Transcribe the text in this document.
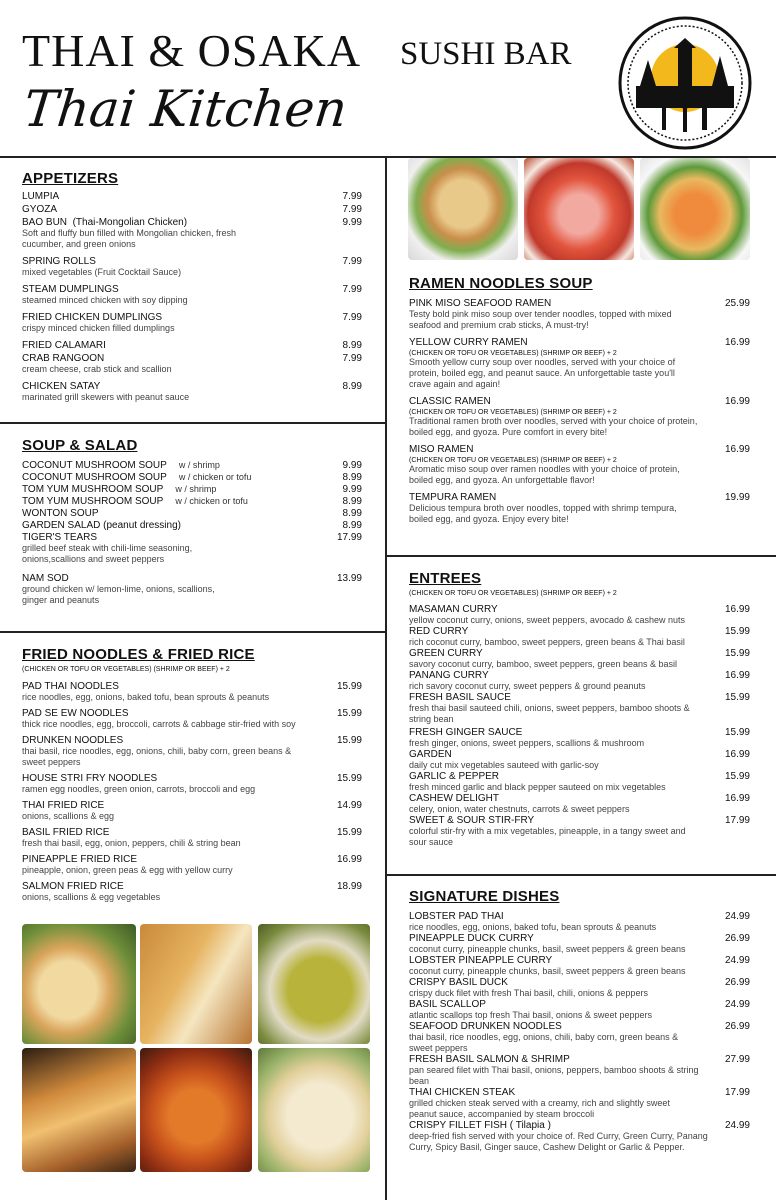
THAI & OSAKA SUSHI BAR
Thai Kitchen
APPETIZERS
LUMPIA	7.99
GYOZA	7.99
BAO BUN  (Thai-Mongolian Chicken)	9.99
Soft and fluffy bun filled with Mongolian chicken, fresh cucumber, and green onions
SPRING ROLLS	7.99
mixed vegetables (Fruit Cocktail Sauce)
STEAM DUMPLINGS	7.99
steamed minced chicken with soy dipping
FRIED CHICKEN DUMPLINGS	7.99
crispy minced chicken filled dumplings
FRIED CALAMARI	8.99
CRAB RANGOON	7.99
cream cheese, crab stick and scallion
CHICKEN SATAY	8.99
marinated grill skewers with peanut sauce
SOUP & SALAD
COCONUT MUSHROOM SOUP w / shrimp	9.99
COCONUT MUSHROOM SOUP w / chicken or tofu	8.99
TOM YUM MUSHROOM SOUP w / shrimp	9.99
TOM YUM MUSHROOM SOUP w / chicken or tofu	8.99
WONTON SOUP	8.99
GARDEN SALAD (peanut dressing)	8.99
TIGER'S TEARS	17.99
grilled beef steak with chili-lime seasoning, onions,scallions and sweet peppers
NAM SOD	13.99
ground chicken w/ lemon-lime, onions, scallions, ginger and peanuts
FRIED NOODLES & FRIED RICE
(CHICKEN OR TOFU OR VEGETABLES) (SHRIMP OR BEEF) + 2
PAD THAI NOODLES	15.99
rice noodles, egg, onions, baked tofu, bean sprouts & peanuts
PAD SE EW NOODLES	15.99
thick rice noodles, egg, broccoli, carrots & cabbage stir-fried with soy
DRUNKEN NOODLES	15.99
thai basil, rice noodles, egg, onions, chili, baby corn, green beans & sweet peppers
HOUSE STRI FRY NOODLES	15.99
ramen egg noodles, green onion, carrots, broccoli and egg
THAI FRIED RICE	14.99
onions, scallions & egg
BASIL FRIED RICE	15.99
fresh thai basil, egg, onion, peppers, chili & string bean
PINEAPPLE FRIED RICE	16.99
pineapple, onion, green peas & egg with yellow curry
SALMON FRIED RICE	18.99
onions, scallions & egg vegetables
RAMEN NOODLES SOUP
PINK MISO SEAFOOD RAMEN	25.99
Testy bold pink miso soup over tender noodles, topped with mixed seafood and premium crab sticks, A must-try!
YELLOW CURRY RAMEN	16.99
(CHICKEN OR TOFU OR VEGETABLES) (SHRIMP OR BEEF) + 2
Smooth yellow curry soup over noodles, served with your choice of protein, boiled egg, and peanut sauce. An unforgettable taste you'll crave again and again!
CLASSIC RAMEN	16.99
(CHICKEN OR TOFU OR VEGETABLES) (SHRIMP OR BEEF) + 2
Traditional ramen broth over noodles, served with your choice of protein, boiled egg, and gyoza. Pure comfort in every bite!
MISO RAMEN	16.99
(CHICKEN OR TOFU OR VEGETABLES) (SHRIMP OR BEEF) + 2
Aromatic miso soup over ramen noodles with your choice of protein, boiled egg, and gyoza. An unforgettable flavor!
TEMPURA RAMEN	19.99
Delicious tempura broth over noodles, topped with shrimp tempura, boiled egg, and gyoza. Enjoy every bite!
ENTREES
(CHICKEN OR TOFU OR VEGETABLES) (SHRIMP OR BEEF) + 2
MASAMAN CURRY	16.99
yellow coconut curry, onions, sweet peppers, avocado & cashew nuts
RED CURRY	15.99
rich coconut curry, bamboo, sweet peppers, green beans & Thai basil
GREEN CURRY	15.99
savory coconut curry, bamboo, sweet peppers, green beans & basil
PANANG CURRY	16.99
rich savory coconut curry, sweet peppers & ground peanuts
FRESH BASIL SAUCE	15.99
fresh thai basil sauteed chili, onions, sweet peppers, bamboo shoots & string bean
FRESH GINGER SAUCE	15.99
fresh ginger, onions, sweet peppers, scallions & mushroom
GARDEN	16.99
daily cut mix vegetables sauteed with garlic-soy
GARLIC & PEPPER	15.99
fresh minced garlic and black pepper sauteed on mix vegetables
CASHEW DELIGHT	16.99
celery, onion, water chestnuts, carrots & sweet peppers
SWEET & SOUR STIR-FRY	17.99
colorful stir-fry with a mix vegetables, pineapple, in a tangy sweet and sour sauce
SIGNATURE DISHES
LOBSTER PAD THAI	24.99
rice noodles, egg, onions, baked tofu, bean sprouts & peanuts
PINEAPPLE DUCK CURRY	26.99
coconut curry, pineapple chunks, basil, sweet peppers & green beans
LOBSTER PINEAPPLE CURRY	24.99
coconut curry, pineapple chunks, basil, sweet peppers & green beans
CRISPY BASIL DUCK	26.99
crispy duck filet with fresh Thai basil, chili, onions & peppers
BASIL SCALLOP	24.99
atlantic scallops top fresh Thai basil, onions & sweet peppers
SEAFOOD DRUNKEN NOODLES	26.99
thai basil, rice noodles, egg, onions, chili, baby corn, green beans & sweet peppers
FRESH BASIL SALMON & SHRIMP	27.99
pan seared filet with Thai basil, onions, peppers, bamboo shoots & string bean
THAI CHICKEN STEAK	17.99
grilled chicken steak served with a creamy, rich and slightly sweet peanut sauce, accompanied by steam broccoli
CRISPY FILLET FISH ( Tilapia )	24.99
deep-fried fish served with your choice of. Red Curry, Green Curry, Panang Curry, Spicy Basil, Ginger sauce, Cashew Delight or Garlic & Pepper.
